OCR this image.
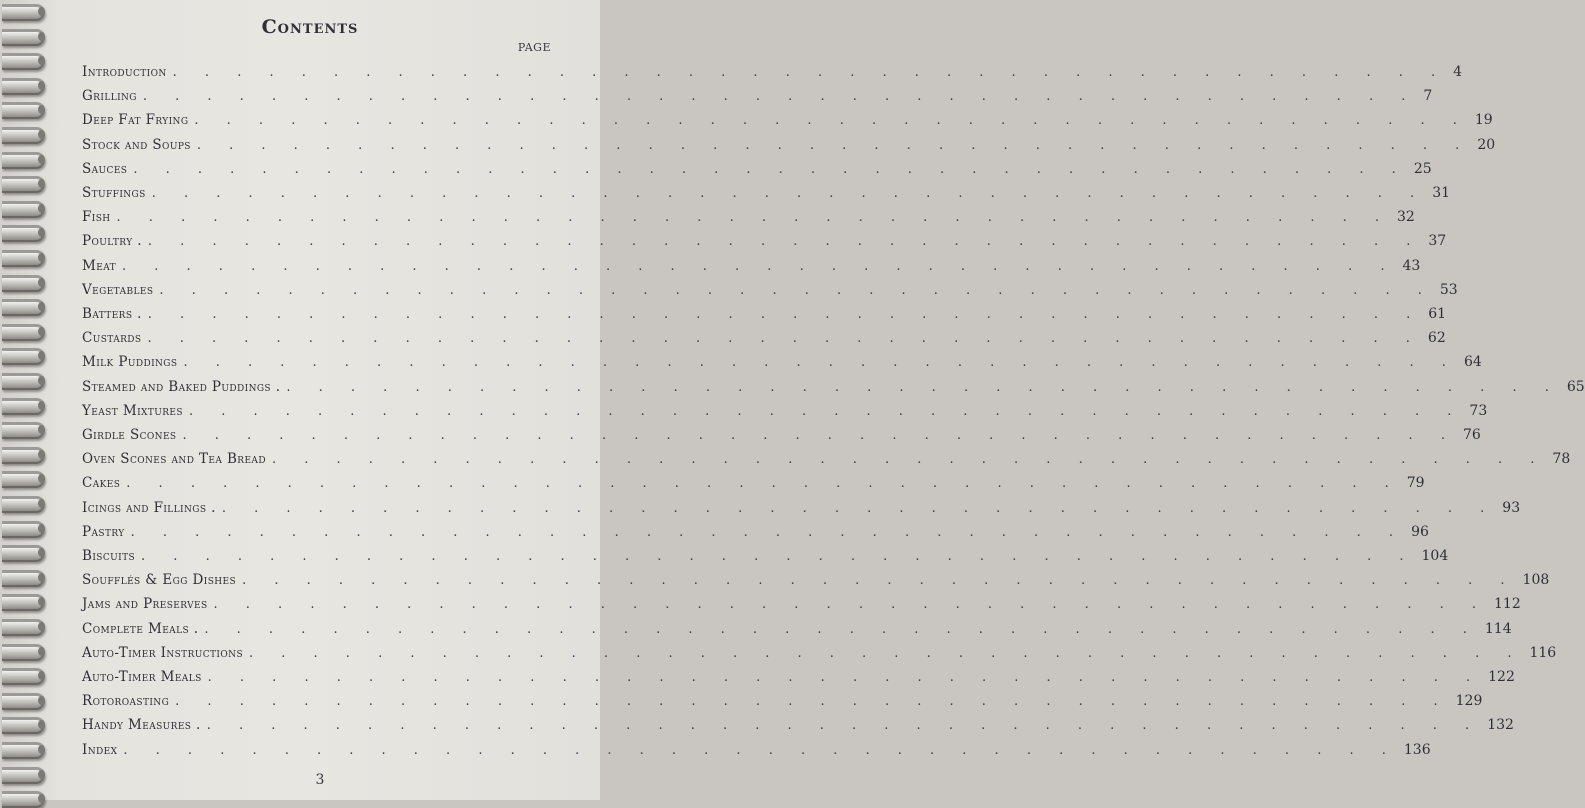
Contents
PAGE
Introduction . . . . . . . . . . . . . . . . . . . . . . . . . . . . . . . . . . . . . . . . 4
Grilling . . . . . . . . . . . . . . . . . . . . . . . . . . . . . . . . . . . . . . . . 7
Deep Fat Frying . . . . . . . . . . . . . . . . . . . . . . . . . . . . . . . . . . . . . . . . 19
Stock and Soups . . . . . . . . . . . . . . . . . . . . . . . . . . . . . . . . . . . . . . . . 20
Sauces . . . . . . . . . . . . . . . . . . . . . . . . . . . . . . . . . . . . . . . . 25
Stuffings . . . . . . . . . . . . . . . . . . . . . . . . . . . . . . . . . . . . . . . . 31
Fish . . . . . . . . . . . . . . . . . . . . . . . . . . . . . . . . . . . . . . . . 32
Poultry . . . . . . . . . . . . . . . . . . . . . . . . . . . . . . . . . . . . . . . . . 37
Meat . . . . . . . . . . . . . . . . . . . . . . . . . . . . . . . . . . . . . . . . 43
Vegetables . . . . . . . . . . . . . . . . . . . . . . . . . . . . . . . . . . . . . . . . 53
Batters . . . . . . . . . . . . . . . . . . . . . . . . . . . . . . . . . . . . . . . . . 61
Custards . . . . . . . . . . . . . . . . . . . . . . . . . . . . . . . . . . . . . . . . 62
Milk Puddings . . . . . . . . . . . . . . . . . . . . . . . . . . . . . . . . . . . . . . . . 64
Steamed and Baked Puddings . . . . . . . . . . . . . . . . . . . . . . . . . . . . . . . . . . . . . . . . . 65
Yeast Mixtures . . . . . . . . . . . . . . . . . . . . . . . . . . . . . . . . . . . . . . . . 73
Girdle Scones . . . . . . . . . . . . . . . . . . . . . . . . . . . . . . . . . . . . . . . . 76
Oven Scones and Tea Bread . . . . . . . . . . . . . . . . . . . . . . . . . . . . . . . . . . . . . . . . 78
Cakes . . . . . . . . . . . . . . . . . . . . . . . . . . . . . . . . . . . . . . . . 79
Icings and Fillings . . . . . . . . . . . . . . . . . . . . . . . . . . . . . . . . . . . . . . . . . 93
Pastry . . . . . . . . . . . . . . . . . . . . . . . . . . . . . . . . . . . . . . . . 96
Biscuits . . . . . . . . . . . . . . . . . . . . . . . . . . . . . . . . . . . . . . . . 104
Soufflés & Egg Dishes . . . . . . . . . . . . . . . . . . . . . . . . . . . . . . . . . . . . . . . . 108
Jams and Preserves . . . . . . . . . . . . . . . . . . . . . . . . . . . . . . . . . . . . . . . . 112
Complete Meals . . . . . . . . . . . . . . . . . . . . . . . . . . . . . . . . . . . . . . . . . 114
Auto-Timer Instructions . . . . . . . . . . . . . . . . . . . . . . . . . . . . . . . . . . . . . . . . 116
Auto-Timer Meals . . . . . . . . . . . . . . . . . . . . . . . . . . . . . . . . . . . . . . . . 122
Rotoroasting . . . . . . . . . . . . . . . . . . . . . . . . . . . . . . . . . . . . . . . . 129
Handy Measures . . . . . . . . . . . . . . . . . . . . . . . . . . . . . . . . . . . . . . . . . 132
Index . . . . . . . . . . . . . . . . . . . . . . . . . . . . . . . . . . . . . . . . 136
3
